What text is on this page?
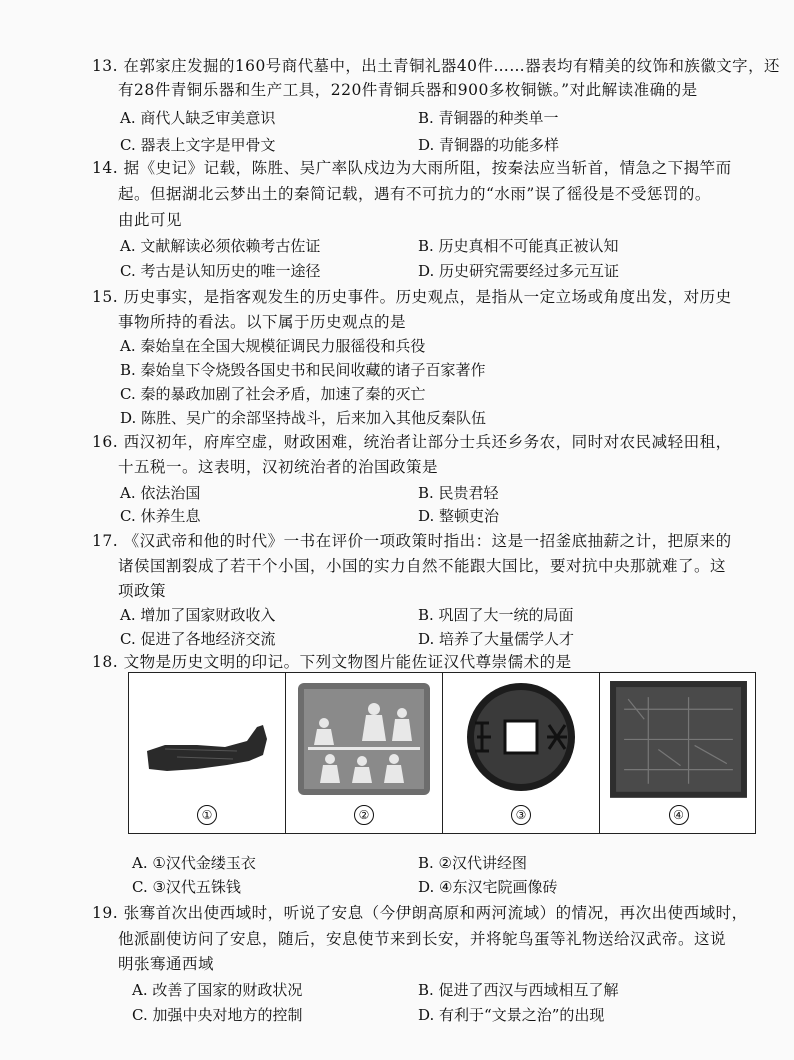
13. 在郭家庄发掘的160号商代墓中，出土青铜礼器40件……器表均有精美的纹饰和族徽文字，还
有28件青铜乐器和生产工具，220件青铜兵器和900多枚铜镞。”对此解读准确的是
A. 商代人缺乏审美意识	B. 青铜器的种类单一
C. 器表上文字是甲骨文	D. 青铜器的功能多样
14. 据《史记》记载，陈胜、吴广率队戍边为大雨所阻，按秦法应当斩首，情急之下揭竿而
起。但据湖北云梦出土的秦简记载，遇有不可抗力的“水雨”误了徭役是不受惩罚的。
由此可见
A. 文献解读必须依赖考古佐证	B. 历史真相不可能真正被认知
C. 考古是认知历史的唯一途径	D. 历史研究需要经过多元互证
15. 历史事实，是指客观发生的历史事件。历史观点，是指从一定立场或角度出发，对历史
事物所持的看法。以下属于历史观点的是
A. 秦始皇在全国大规模征调民力服徭役和兵役
B. 秦始皇下令烧毁各国史书和民间收藏的诸子百家著作
C. 秦的暴政加剧了社会矛盾，加速了秦的灭亡
D. 陈胜、吴广的余部坚持战斗，后来加入其他反秦队伍
16. 西汉初年，府库空虚，财政困难，统治者让部分士兵还乡务农，同时对农民减轻田租，
十五税一。这表明，汉初统治者的治国政策是
A. 依法治国	B. 民贵君轻
C. 休养生息	D. 整顿吏治
17. 《汉武帝和他的时代》一书在评价一项政策时指出：这是一招釜底抽薪之计，把原来的
诸侯国割裂成了若干个小国，小国的实力自然不能跟大国比，要对抗中央那就难了。这
项政策
A. 增加了国家财政收入	B. 巩固了大一统的局面
C. 促进了各地经济交流	D. 培养了大量儒学人才
18. 文物是历史文明的印记。下列文物图片能佐证汉代尊崇儒术的是
①	②	③	④
A. ①汉代金缕玉衣	B. ②汉代讲经图
C. ③汉代五铢钱	D. ④东汉宅院画像砖
19. 张骞首次出使西域时，听说了安息（今伊朗高原和两河流域）的情况，再次出使西域时，
他派副使访问了安息，随后，安息使节来到长安，并将鸵鸟蛋等礼物送给汉武帝。这说
明张骞通西域
A. 改善了国家的财政状况	B. 促进了西汉与西域相互了解
C. 加强中央对地方的控制	D. 有利于“文景之治”的出现
